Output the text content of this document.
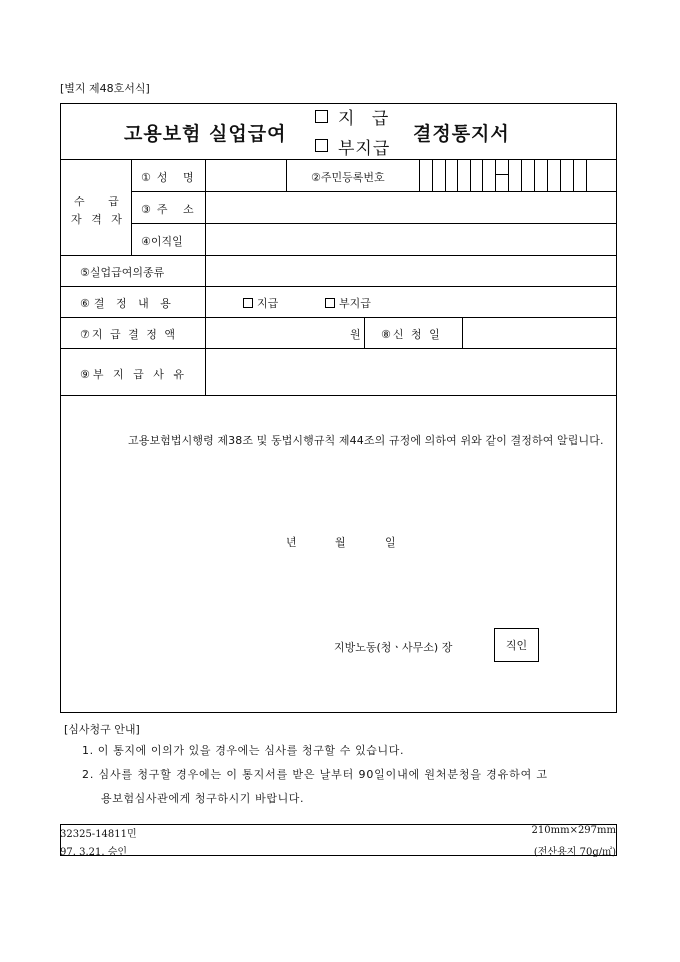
[별지 제48호서식]
고용보험 실업급여
지 급
부지급
결정통지서
수 급
자 격 자
①성 명	②주민등록번호
③주 소
④이직일
⑤실업급여의종류
⑥결 정 내 용	지급	부지급
⑦지 급 결 정 액	원 ⑧신 청 일
⑨부 지 급 사 유
고용보험법시행령 제38조 및 동법시행규칙 제44조의 규정에 의하여 위와 같이 결정하여 알립니다.
년	월	일
지방노동(청ㆍ사무소) 장	직인
[심사청구 안내]
1. 이 통지에 이의가 있을 경우에는 심사를 청구할 수 있습니다.
2. 심사를 청구할 경우에는 이 통지서를 받은 날부터 90일이내에 원처분청을 경유하여 고
용보험심사관에게 청구하시기 바랍니다.
32325-14811민
97. 3.21. 승인
210mm×297mm
(전산용지 70g/㎡)
